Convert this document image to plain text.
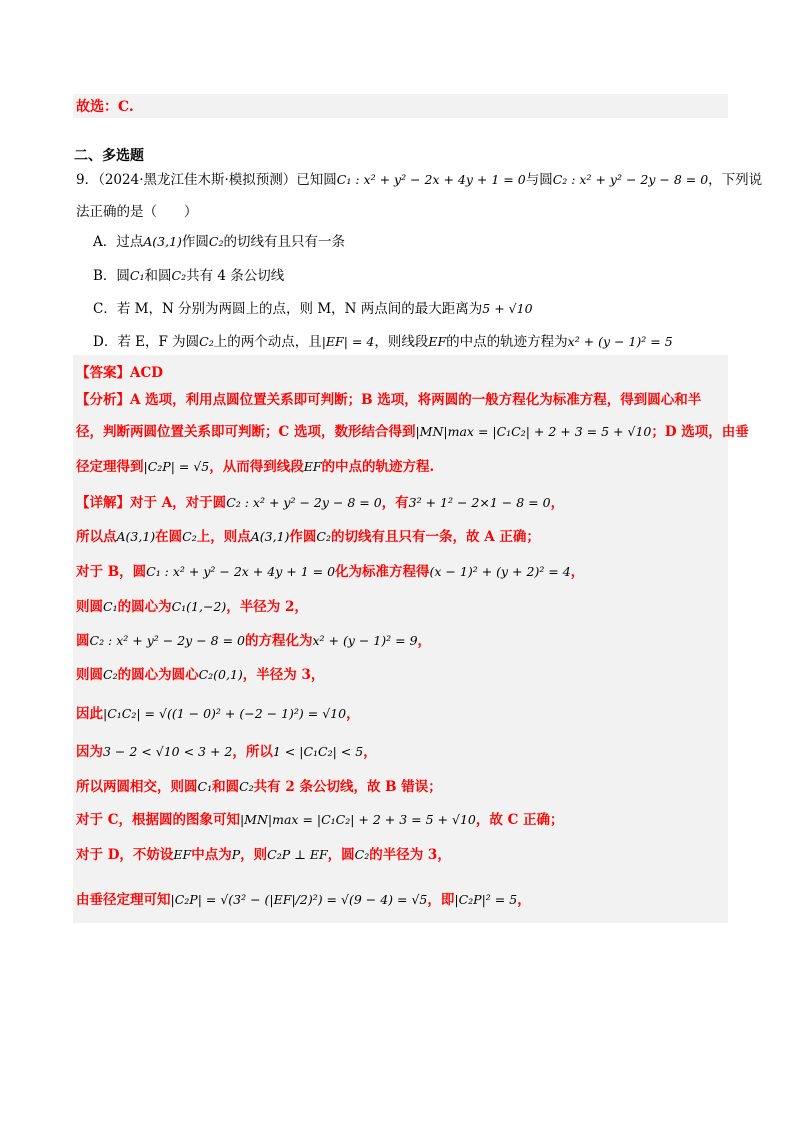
故选：C.
二、多选题
9．（2024·黑龙江佳木斯·模拟预测）已知圆C₁ : x² + y² − 2x + 4y + 1 = 0与圆C₂ : x² + y² − 2y − 8 = 0，下列说
法正确的是（　　）
A．过点A(3,1)作圆C₂的切线有且只有一条
B．圆C₁和圆C₂共有 4 条公切线
C．若 M，N 分别为两圆上的点，则 M，N 两点间的最大距离为5 + √10
D．若 E，F 为圆C₂上的两个动点，且|EF| = 4，则线段EF的中点的轨迹方程为x² + (y − 1)² = 5
【答案】ACD
【分析】A 选项，利用点圆位置关系即可判断；B 选项，将两圆的一般方程化为标准方程，得到圆心和半
径，判断两圆位置关系即可判断；C 选项，数形结合得到|MN|max = |C₁C₂| + 2 + 3 = 5 + √10；D 选项，由垂
径定理得到|C₂P| = √5，从而得到线段EF的中点的轨迹方程.
【详解】对于 A，对于圆C₂ : x² + y² − 2y − 8 = 0，有3² + 1² − 2×1 − 8 = 0，
所以点A(3,1)在圆C₂上，则点A(3,1)作圆C₂的切线有且只有一条，故 A 正确；
对于 B，圆C₁ : x² + y² − 2x + 4y + 1 = 0化为标准方程得(x − 1)² + (y + 2)² = 4，
则圆C₁的圆心为C₁(1,−2)，半径为 2，
圆C₂ : x² + y² − 2y − 8 = 0的方程化为x² + (y − 1)² = 9，
则圆C₂的圆心为圆心C₂(0,1)，半径为 3，
因此|C₁C₂| = √((1 − 0)² + (−2 − 1)²) = √10，
因为3 − 2 < √10 < 3 + 2，所以1 < |C₁C₂| < 5，
所以两圆相交，则圆C₁和圆C₂共有 2 条公切线，故 B 错误；
对于 C，根据圆的图象可知|MN|max = |C₁C₂| + 2 + 3 = 5 + √10，故 C 正确；
对于 D，不妨设EF中点为P，则C₂P ⊥ EF，圆C₂的半径为 3，
由垂径定理可知|C₂P| = √(3² − (|EF|/2)²) = √(9 − 4) = √5，即|C₂P|² = 5，
